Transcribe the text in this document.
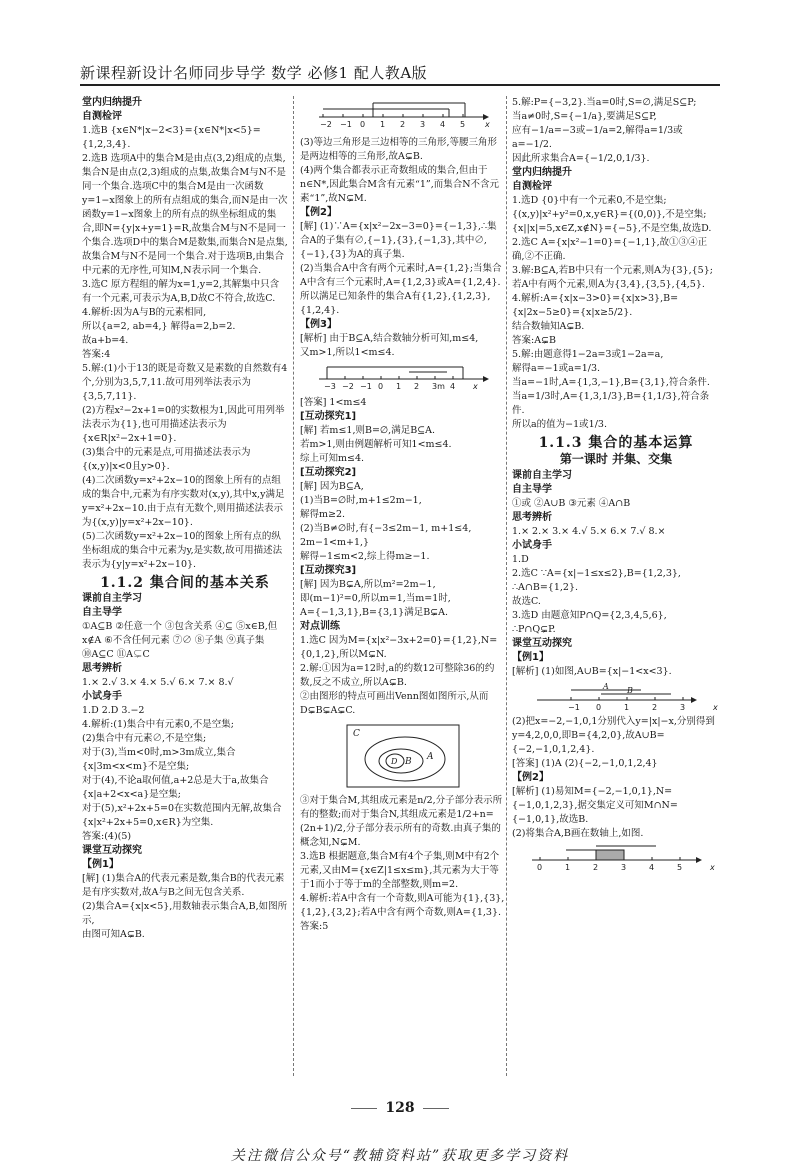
新课程新设计名师同步导学 数学 必修1 配人教A版

堂内归纳提升

自测检评

1.选B {x∈N*|x−2<3}={x∈N*|x<5}={1,2,3,4}.

2.选B 选项A中的集合M是由点(3,2)组成的点集,集合N是由点(2,3)组成的点集,故集合M与N不是同一个集合.选项C中的集合M是由一次函数y=1−x图象上的所有点组成的集合,而N是由一次函数y=1−x图象上的所有点的纵坐标组成的集合,即N={y|x+y=1}=R,故集合M与N不是同一个集合.选项D中的集合M是数集,而集合N是点集,故集合M与N不是同一个集合.对于选项B,由集合中元素的无序性,可知M,N表示同一个集合.

3.选C 原方程组的解为x=1,y=2,其解集中只含有一个元素,可表示为A,B,D故C不符合,故选C.

4.解析:因为A与B的元素相同,

所以{a=2, ab=4,} 解得a=2,b=2.

故a+b=4.

答案:4

5.解:(1)小于13的既是奇数又是素数的自然数有4个,分别为3,5,7,11.故可用列举法表示为{3,5,7,11}.

(2)方程x²−2x+1=0的实数根为1,因此可用列举法表示为{1},也可用描述法表示为{x∈R|x²−2x+1=0}.

(3)集合中的元素是点,可用描述法表示为{(x,y)|x<0且y>0}.

(4)二次函数y=x²+2x−10的图象上所有的点组成的集合中,元素为有序实数对(x,y),其中x,y满足y=x²+2x−10.由于点有无数个,则用描述法表示为{(x,y)|y=x²+2x−10}.

(5)二次函数y=x²+2x−10的图象上所有点的纵坐标组成的集合中元素为y,是实数,故可用描述法表示为{y|y=x²+2x−10}.

1.1.2 集合间的基本关系

课前自主学习

自主导学

①A⊆B ②任意一个 ③包含关系 ④⊆ ⑤x∈B,但x∉A ⑥不含任何元素 ⑦∅ ⑧子集 ⑨真子集 ⑩A⊆C ⑪A⊊C

思考辨析

1.× 2.√ 3.× 4.× 5.√ 6.× 7.× 8.√

小试身手

1.D 2.D 3.−2

4.解析:(1)集合中有元素0,不是空集;

(2)集合中有元素∅,不是空集;

对于(3),当m<0时,m>3m成立,集合{x|3m<x<m}不是空集;

对于(4),不论a取何值,a+2总是大于a,故集合{x|a+2<x<a}是空集;

对于(5),x²+2x+5=0在实数范围内无解,故集合{x|x²+2x+5=0,x∈R}为空集.

答案:(4)(5)

课堂互动探究

【例1】

[解] (1)集合A的代表元素是数,集合B的代表元素是有序实数对,故A与B之间无包含关系.

(2)集合A={x|x<5},用数轴表示集合A,B,如图所示,

由图可知A⊊B.

−2 −1 0 1 2 3 4 5 x

(3)等边三角形是三边相等的三角形,等腰三角形是两边相等的三角形,故A⊊B.

(4)两个集合都表示正奇数组成的集合,但由于n∈N*,因此集合M含有元素“1”,而集合N不含元素“1”,故N⊊M.

【例2】

[解] (1)∵A={x|x²−2x−3=0}={−1,3},∴集合A的子集有∅,{−1},{3},{−1,3},其中∅,{−1},{3}为A的真子集.

(2)当集合A中含有两个元素时,A={1,2};当集合A中含有三个元素时,A={1,2,3}或A={1,2,4}.

所以满足已知条件的集合A有{1,2},{1,2,3},{1,2,4}.

【例3】

[解析] 由于B⊆A,结合数轴分析可知,m≤4,

又m>1,所以1<m≤4.

−3 −2 −1 0 1 2 3m 4 x

[答案] 1<m≤4

[互动探究1]

[解] 若m≤1,则B=∅,满足B⊆A.

若m>1,则由例题解析可知1<m≤4.

综上可知m≤4.

[互动探究2]

[解] 因为B⊆A,

(1)当B=∅时,m+1≤2m−1,

解得m≥2.

(2)当B≠∅时,有{−3≤2m−1, m+1≤4, 2m−1<m+1,}

解得−1≤m<2,综上得m≥−1.

[互动探究3]

[解] 因为B⊊A,所以m²=2m−1,

即(m−1)²=0,所以m=1,当m=1时,

A={−1,3,1},B={3,1}满足B⊊A.

对点训练

1.选C 因为M={x|x²−3x+2=0}={1,2},N={0,1,2},所以M⊊N.

2.解:①因为a=12时,a的约数12可整除36的约数,反之不成立,所以A⊊B.

②由图形的特点可画出Venn图如图所示,从而D⊊B⊊A⊊C.

C
A
B
D

③对于集合M,其组成元素是n/2,分子部分表示所有的整数;而对于集合N,其组成元素是1/2+n=(2n+1)/2,分子部分表示所有的奇数.由真子集的概念知,N⊊M.

3.选B 根据题意,集合M有4个子集,则M中有2个元素,又由M={x∈Z|1≤x≤m},其元素为大于等于1而小于等于m的全部整数,则m=2.

4.解析:若A中含有一个奇数,则A可能为{1},{3},{1,2},{3,2};若A中含有两个奇数,则A={1,3}.

答案:5

5.解:P={−3,2}.当a=0时,S=∅,满足S⊆P;

当a≠0时,S={−1/a},要满足S⊆P,

应有−1/a=−3或−1/a=2,解得a=1/3或a=−1/2.

因此所求集合A={−1/2,0,1/3}.

堂内归纳提升

自测检评

1.选D {0}中有一个元素0,不是空集;{(x,y)|x²+y²=0,x,y∈R}={(0,0)},不是空集;{x||x|=5,x∈Z,x∉N}={−5},不是空集,故选D.

2.选C A={x|x²−1=0}={−1,1},故①③④正确,②不正确.

3.解:B⊆A,若B中只有一个元素,则A为{3},{5};若A中有两个元素,则A为{3,4},{3,5},{4,5}.

4.解析:A={x|x−3>0}={x|x>3},B={x|2x−5≥0}={x|x≥5/2}.

结合数轴知A⊊B.

答案:A⊊B

5.解:由题意得1−2a=3或1−2a=a,

解得a=−1或a=1/3.

当a=−1时,A={1,3,−1},B={3,1},符合条件.

当a=1/3时,A={1,3,1/3},B={1,1/3},符合条件.

所以a的值为−1或1/3.

1.1.3 集合的基本运算
第一课时 并集、交集

课前自主学习

自主导学

①或 ②A∪B ③元素 ④A∩B

思考辨析

1.× 2.× 3.× 4.√ 5.× 6.× 7.√ 8.×

小试身手

1.D

2.选C ∵A={x|−1≤x≤2},B={1,2,3},

∴A∩B={1,2}.

故选C.

3.选D 由题意知P∩Q={2,3,4,5,6},

∴P∩Q⊊P.

课堂互动探究

【例1】

[解析] (1)如图,A∪B={x|−1<x<3}.

A B
−1 0	1	2	3	x

(2)把x=−2,−1,0,1分别代入y=|x|−x,分别得到y=4,2,0,0,即B={4,2,0},故A∪B={−2,−1,0,1,2,4}.

[答案] (1)A (2){−2,−1,0,1,2,4}

【例2】

[解析] (1)易知M={−2,−1,0,1},N={−1,0,1,2,3},据交集定义可知M∩N={−1,0,1},故选B.

(2)将集合A,B画在数轴上,如图.

0	1	2	3	4	5	x
128
关注微信公众号“教辅资料站”获取更多学习资料
